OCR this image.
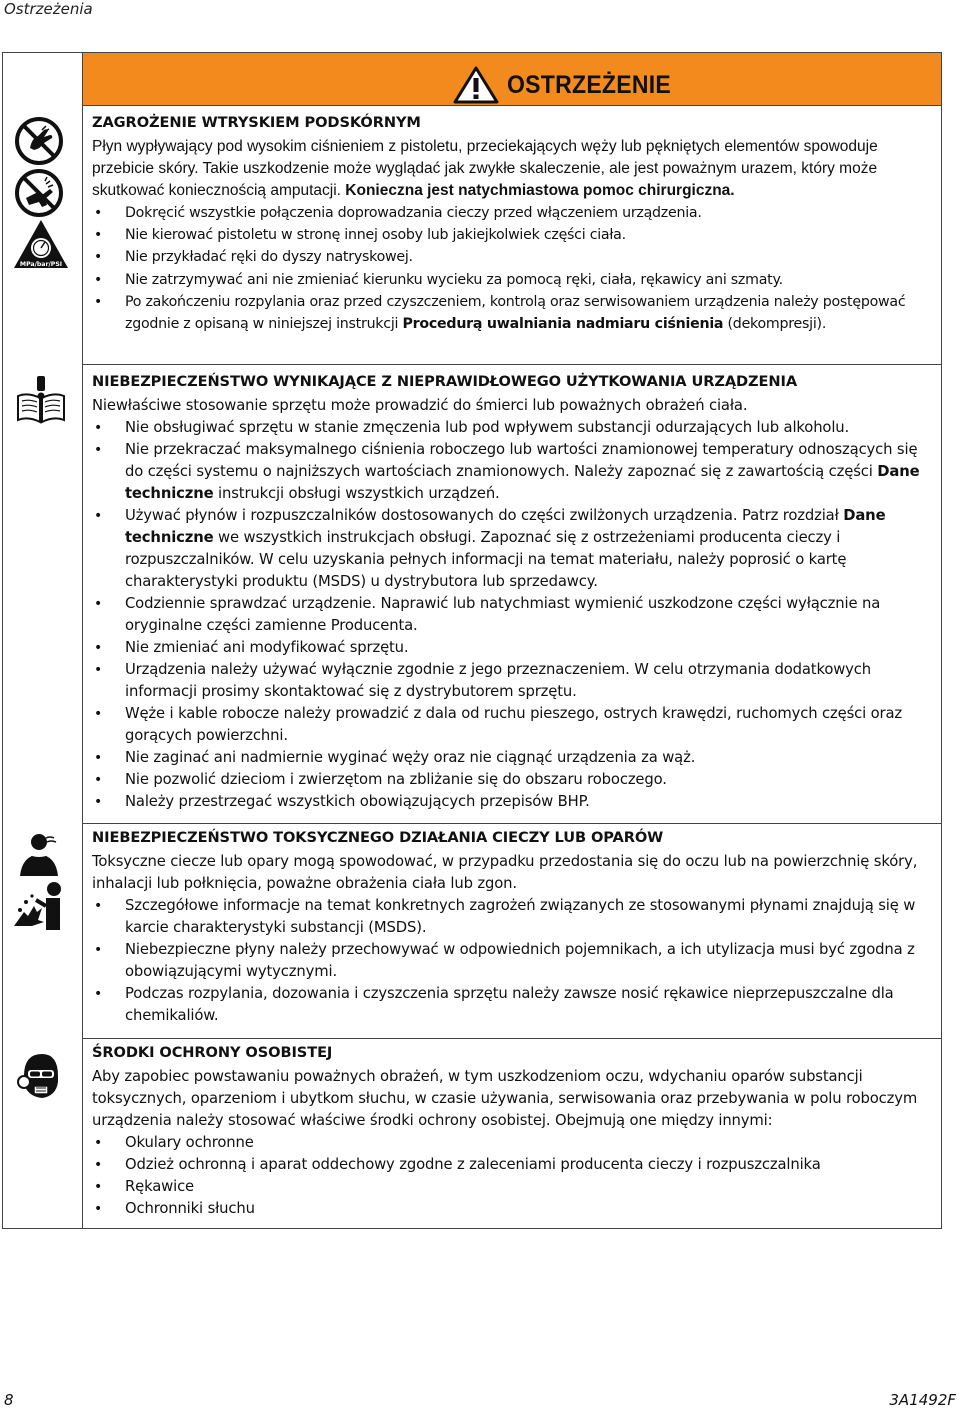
Ostrzeżenia
OSTRZEŻENIE
MPa/bar/PSI
ZAGROŻENIE WTRYSKIEM PODSKÓRNYM
Płyn wypływający pod wysokim ciśnieniem z pistoletu, przeciekających węży lub pękniętych elementów spowoduje przebicie skóry. Takie uszkodzenie może wyglądać jak zwykłe skaleczenie, ale jest poważnym urazem, który może skutkować koniecznością amputacji. Konieczna jest natychmiastowa pomoc chirurgiczna.
• Dokręcić wszystkie połączenia doprowadzania cieczy przed włączeniem urządzenia.
• Nie kierować pistoletu w stronę innej osoby lub jakiejkolwiek części ciała.
• Nie przykładać ręki do dyszy natryskowej.
• Nie zatrzymywać ani nie zmieniać kierunku wycieku za pomocą ręki, ciała, rękawicy ani szmaty.
• Po zakończeniu rozpylania oraz przed czyszczeniem, kontrolą oraz serwisowaniem urządzenia należy postępować zgodnie z opisaną w niniejszej instrukcji Procedurą uwalniania nadmiaru ciśnienia (dekompresji).
NIEBEZPIECZEŃSTWO WYNIKAJĄCE Z NIEPRAWIDŁOWEGO UŻYTKOWANIA URZĄDZENIA
Niewłaściwe stosowanie sprzętu może prowadzić do śmierci lub poważnych obrażeń ciała.
• Nie obsługiwać sprzętu w stanie zmęczenia lub pod wpływem substancji odurzających lub alkoholu.
• Nie przekraczać maksymalnego ciśnienia roboczego lub wartości znamionowej temperatury odnoszących się do części systemu o najniższych wartościach znamionowych. Należy zapoznać się z zawartością części Dane techniczne instrukcji obsługi wszystkich urządzeń.
• Używać płynów i rozpuszczalników dostosowanych do części zwilżonych urządzenia. Patrz rozdział Dane techniczne we wszystkich instrukcjach obsługi. Zapoznać się z ostrzeżeniami producenta cieczy i rozpuszczalników. W celu uzyskania pełnych informacji na temat materiału, należy poprosić o kartę charakterystyki produktu (MSDS) u dystrybutora lub sprzedawcy.
• Codziennie sprawdzać urządzenie. Naprawić lub natychmiast wymienić uszkodzone części wyłącznie na oryginalne części zamienne Producenta.
• Nie zmieniać ani modyfikować sprzętu.
• Urządzenia należy używać wyłącznie zgodnie z jego przeznaczeniem. W celu otrzymania dodatkowych informacji prosimy skontaktować się z dystrybutorem sprzętu.
• Węże i kable robocze należy prowadzić z dala od ruchu pieszego, ostrych krawędzi, ruchomych części oraz gorących powierzchni.
• Nie zaginać ani nadmiernie wyginać węży oraz nie ciągnąć urządzenia za wąż.
• Nie pozwolić dzieciom i zwierzętom na zbliżanie się do obszaru roboczego.
• Należy przestrzegać wszystkich obowiązujących przepisów BHP.
NIEBEZPIECZEŃSTWO TOKSYCZNEGO DZIAŁANIA CIECZY LUB OPARÓW
Toksyczne ciecze lub opary mogą spowodować, w przypadku przedostania się do oczu lub na powierzchnię skóry, inhalacji lub połknięcia, poważne obrażenia ciała lub zgon.
• Szczegółowe informacje na temat konkretnych zagrożeń związanych ze stosowanymi płynami znajdują się w karcie charakterystyki substancji (MSDS).
• Niebezpieczne płyny należy przechowywać w odpowiednich pojemnikach, a ich utylizacja musi być zgodna z obowiązującymi wytycznymi.
• Podczas rozpylania, dozowania i czyszczenia sprzętu należy zawsze nosić rękawice nieprzepuszczalne dla chemikaliów.
ŚRODKI OCHRONY OSOBISTEJ
Aby zapobiec powstawaniu poważnych obrażeń, w tym uszkodzeniom oczu, wdychaniu oparów substancji toksycznych, oparzeniom i ubytkom słuchu, w czasie używania, serwisowania oraz przebywania w polu roboczym urządzenia należy stosować właściwe środki ochrony osobistej. Obejmują one między innymi:
• Okulary ochronne
• Odzież ochronną i aparat oddechowy zgodne z zaleceniami producenta cieczy i rozpuszczalnika
• Rękawice
• Ochronniki słuchu
8	3A1492F
